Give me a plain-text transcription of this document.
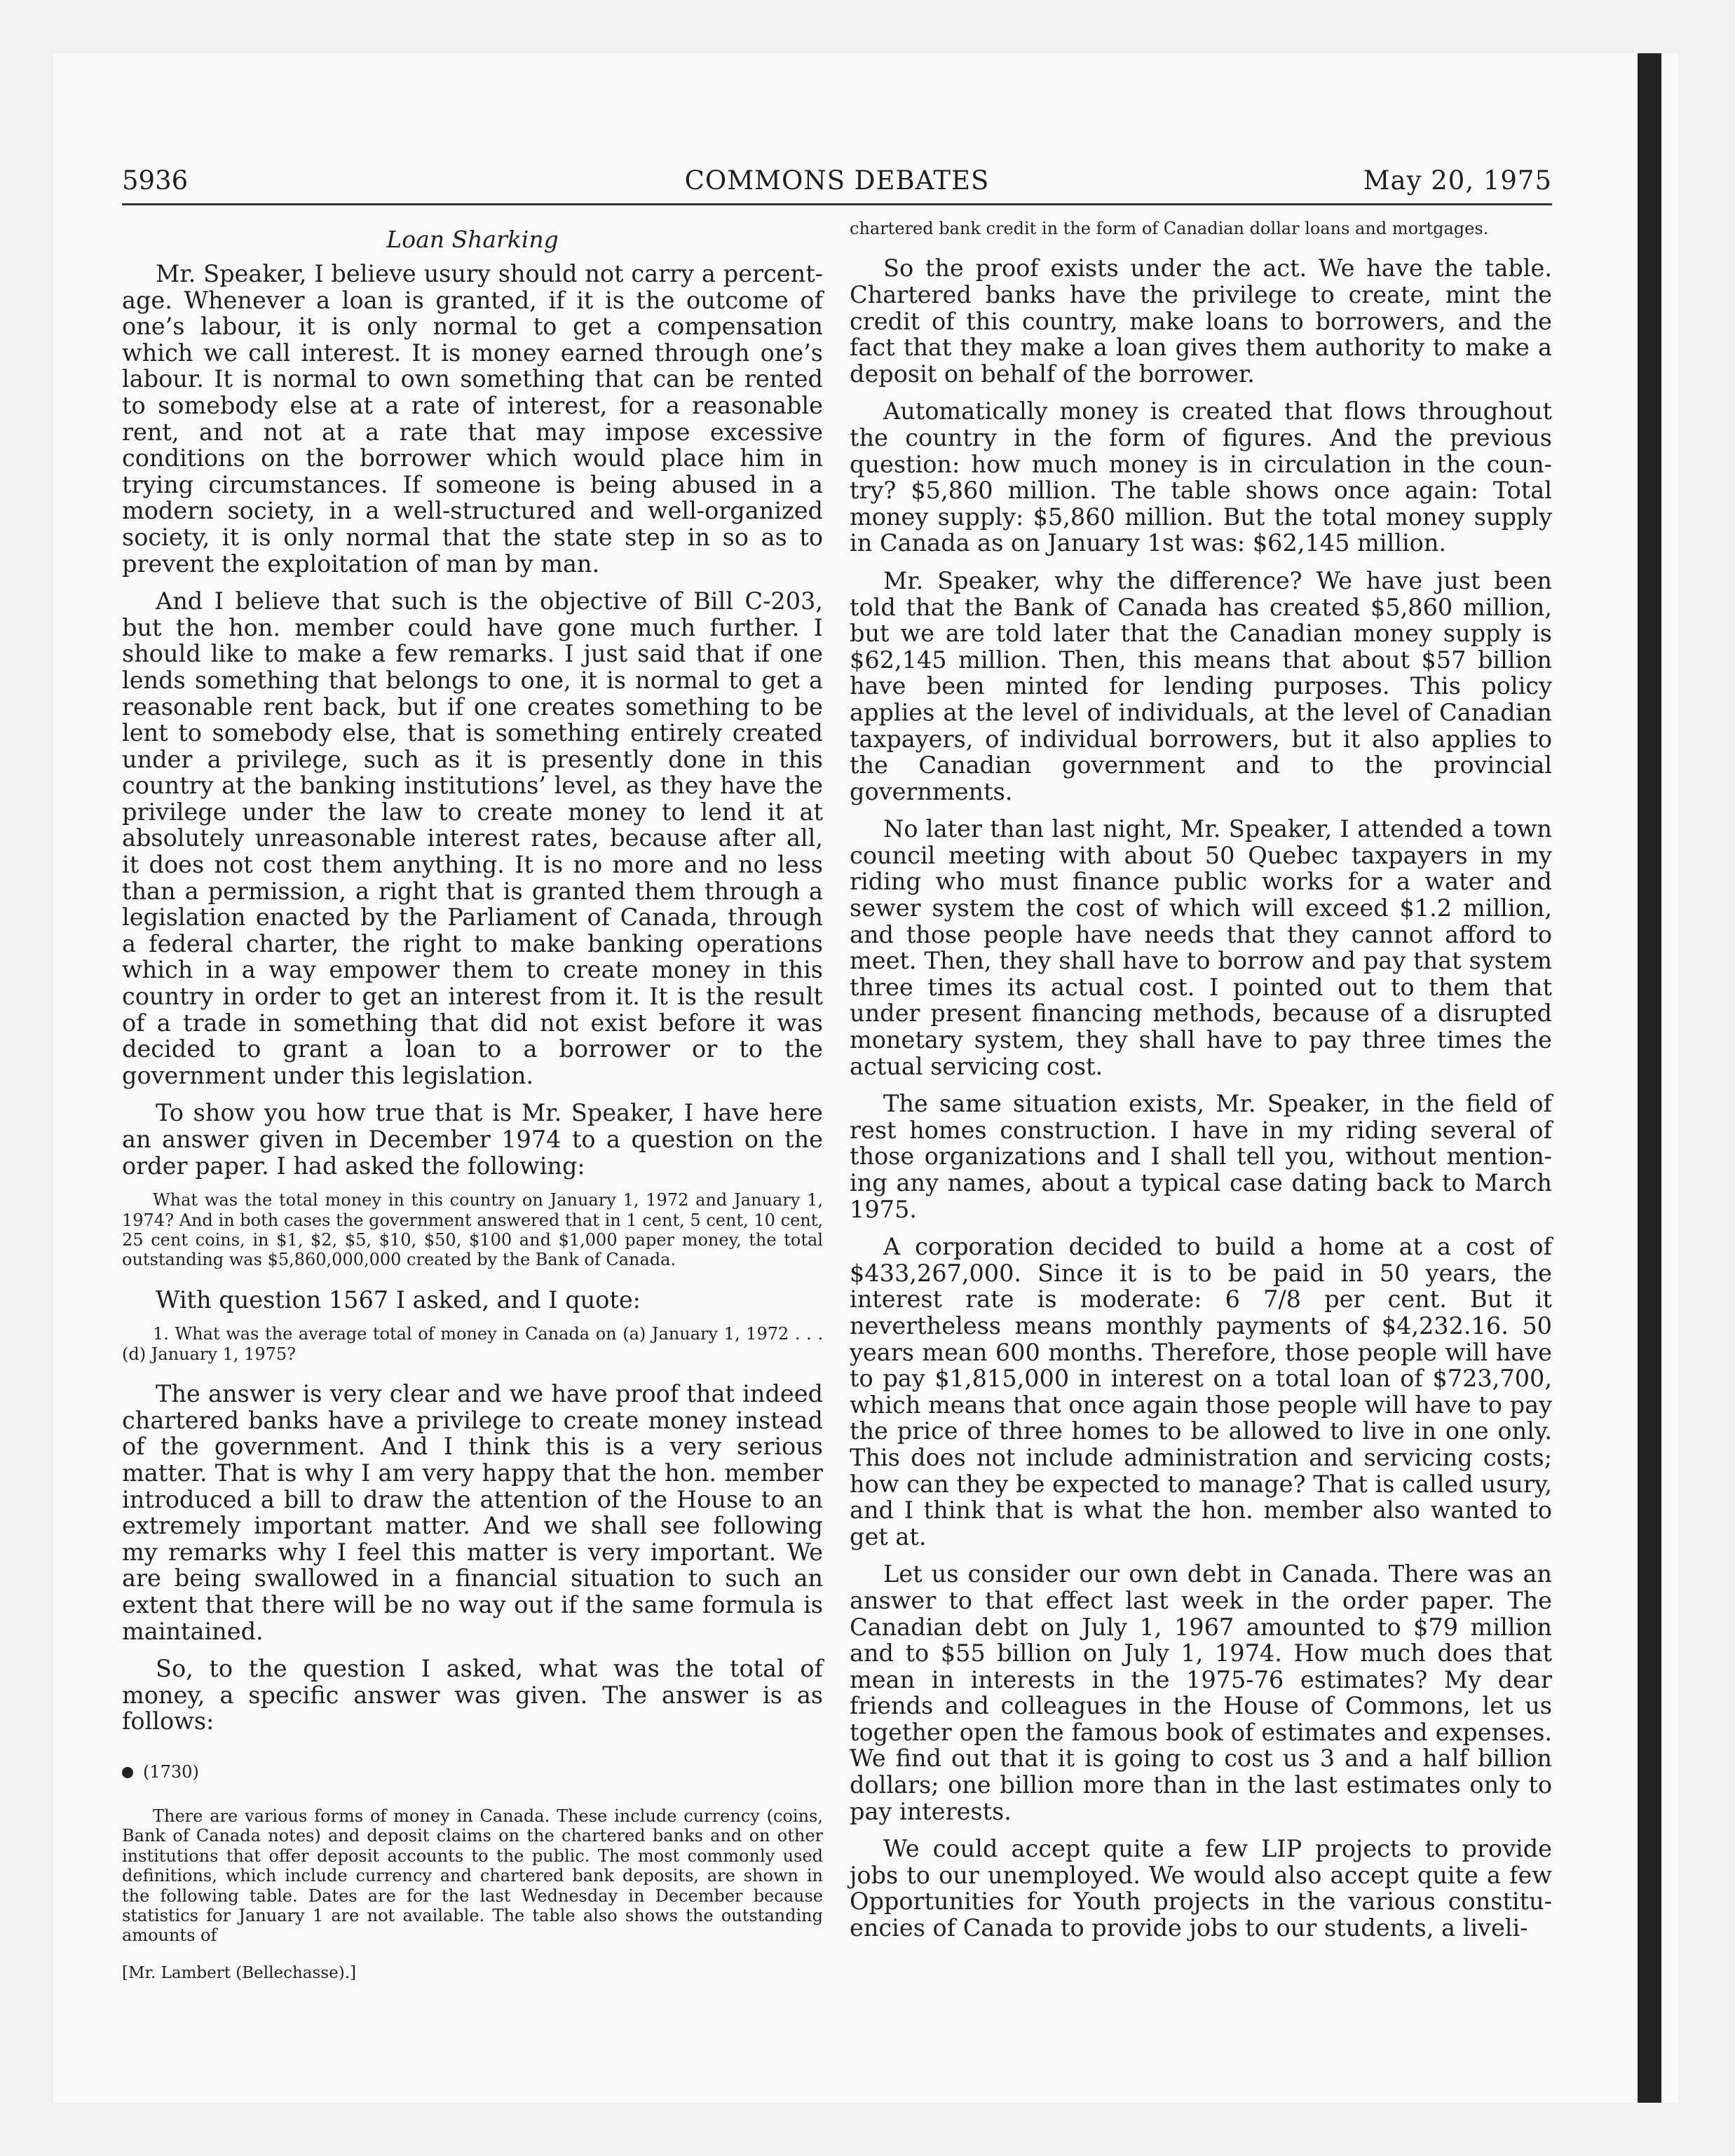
5936	COMMONS DEBATES	May 20, 1975
Loan Sharking

Mr. Speaker, I believe usury should not carry a percentage. Whenever a loan is granted, if it is the outcome of one’s labour, it is only normal to get a compensation which we call interest. It is money earned through one’s labour. It is normal to own something that can be rented to somebody else at a rate of interest, for a reasonable rent, and not at a rate that may impose excessive conditions on the borrower which would place him in trying circumstances. If someone is being abused in a modern society, in a well-structured and well-organized society, it is only normal that the state step in so as to prevent the exploitation of man by man.

And I believe that such is the objective of Bill C-203, but the hon. member could have gone much further. I should like to make a few remarks. I just said that if one lends something that belongs to one, it is normal to get a reasonable rent back, but if one creates something to be lent to somebody else, that is something entirely created under a privilege, such as it is presently done in this country at the banking institutions’ level, as they have the privilege under the law to create money to lend it at absolutely unreasonable interest rates, because after all, it does not cost them anything. It is no more and no less than a permission, a right that is granted them through a legislation enacted by the Parliament of Canada, through a federal charter, the right to make banking operations which in a way empower them to create money in this country in order to get an interest from it. It is the result of a trade in something that did not exist before it was decided to grant a loan to a borrower or to the government under this legislation.

To show you how true that is Mr. Speaker, I have here an answer given in December 1974 to a question on the order paper. I had asked the following:

What was the total money in this country on January 1, 1972 and January 1, 1974? And in both cases the government answered that in 1 cent, 5 cent, 10 cent, 25 cent coins, in $1, $2, $5, $10, $50, $100 and $1,000 paper money, the total outstanding was $5,860,000,000 created by the Bank of Canada.

With question 1567 I asked, and I quote:

1. What was the average total of money in Canada on (a) January 1, 1972 . . . (d) January 1, 1975?

The answer is very clear and we have proof that indeed chartered banks have a privilege to create money instead of the government. And I think this is a very serious matter. That is why I am very happy that the hon. member introduced a bill to draw the attention of the House to an extremely important matter. And we shall see following my remarks why I feel this matter is very important. We are being swallowed in a financial situation to such an extent that there will be no way out if the same formula is maintained.

So, to the question I asked, what was the total of money, a specific answer was given. The answer is as follows:

(1730)

There are various forms of money in Canada. These include currency (coins, Bank of Canada notes) and deposit claims on the chartered banks and on other institutions that offer deposit accounts to the public. The most commonly used definitions, which include currency and chartered bank deposits, are shown in the following table. Dates are for the last Wednesday in December because statistics for January 1 are not available. The table also shows the outstanding amounts of

[Mr. Lambert (Bellechasse).]

chartered bank credit in the form of Canadian dollar loans and mortgages.

So the proof exists under the act. We have the table. Chartered banks have the privilege to create, mint the credit of this country, make loans to borrowers, and the fact that they make a loan gives them authority to make a deposit on behalf of the borrower.

Automatically money is created that flows throughout the country in the form of figures. And the previous question: how much money is in circulation in the country? $5,860 million. The table shows once again: Total money supply: $5,860 million. But the total money supply in Canada as on January 1st was: $62,145 million.

Mr. Speaker, why the difference? We have just been told that the Bank of Canada has created $5,860 million, but we are told later that the Canadian money supply is $62,145 million. Then, this means that about $57 billion have been minted for lending purposes. This policy applies at the level of individuals, at the level of Canadian taxpayers, of individual borrowers, but it also applies to the Canadian government and to the provincial governments.

No later than last night, Mr. Speaker, I attended a town council meeting with about 50 Quebec taxpayers in my riding who must finance public works for a water and sewer system the cost of which will exceed $1.2 million, and those people have needs that they cannot afford to meet. Then, they shall have to borrow and pay that system three times its actual cost. I pointed out to them that under present financing methods, because of a disrupted monetary system, they shall have to pay three times the actual servicing cost.

The same situation exists, Mr. Speaker, in the field of rest homes construction. I have in my riding several of those organizations and I shall tell you, without mentioning any names, about a typical case dating back to March 1975.

A corporation decided to build a home at a cost of $433,267,000. Since it is to be paid in 50 years, the interest rate is moderate: 6 7/8 per cent. But it nevertheless means monthly payments of $4,232.16. 50 years mean 600 months. Therefore, those people will have to pay $1,815,000 in interest on a total loan of $723,700, which means that once again those people will have to pay the price of three homes to be allowed to live in one only. This does not include administration and servicing costs; how can they be expected to manage? That is called usury, and I think that is what the hon. member also wanted to get at.

Let us consider our own debt in Canada. There was an answer to that effect last week in the order paper. The Canadian debt on July 1, 1967 amounted to $79 million and to $55 billion on July 1, 1974. How much does that mean in interests in the 1975-76 estimates? My dear friends and colleagues in the House of Commons, let us together open the famous book of estimates and expenses. We find out that it is going to cost us 3 and a half billion dollars; one billion more than in the last estimates only to pay interests.

We could accept quite a few LIP projects to provide jobs to our unemployed. We would also accept quite a few Opportunities for Youth projects in the various constituencies of Canada to provide jobs to our students, a liveli-
